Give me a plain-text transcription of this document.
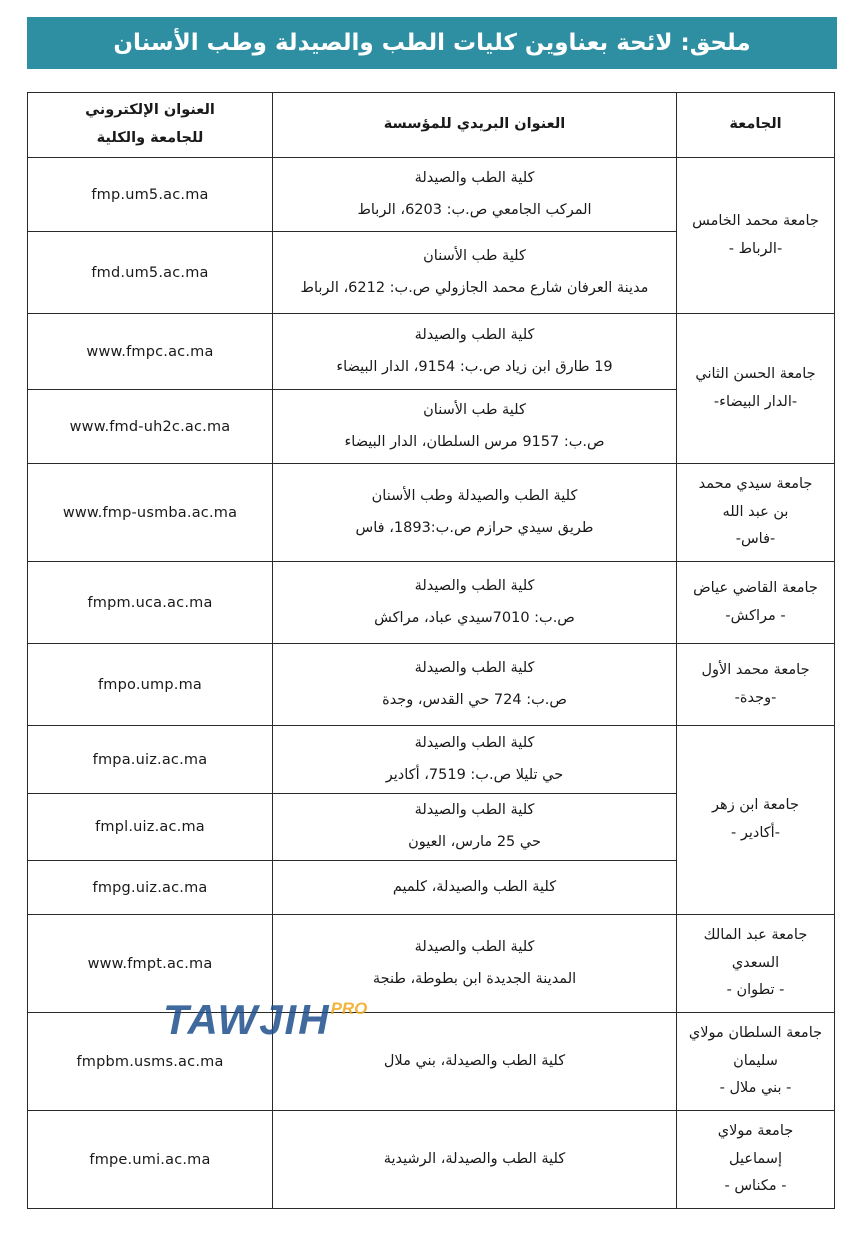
ملحق: لائحة بعناوين كليات الطب والصيدلة وطب الأسنان
الجامعة	العنوان البريدي للمؤسسة	العنوان الإلكتروني
للجامعة والكلية

جامعة محمد الخامس
-الرباط -	كلية الطب والصيدلة
المركب الجامعي ص.ب: 6203، الرباط	fmp.um5.ac.ma

	كلية طب الأسنان
مدينة العرفان شارع محمد الجازولي ص.ب: 6212، الرباط	fmd.um5.ac.ma

جامعة الحسن الثاني
-الدار البيضاء-	كلية الطب والصيدلة
19 طارق ابن زياد ص.ب: 9154، الدار البيضاء	www.fmpc.ac.ma

	كلية طب الأسنان
ص.ب: 9157 مرس السلطان، الدار البيضاء	www.fmd-uh2c.ac.ma

جامعة سيدي محمد
بن عبد الله
-فاس-	كلية الطب والصيدلة وطب الأسنان
طريق سيدي حرازم ص.ب:1893، فاس	www.fmp-usmba.ac.ma

جامعة القاضي عياض
- مراكش-	كلية الطب والصيدلة
ص.ب: 7010سيدي عباد، مراكش	fmpm.uca.ac.ma

جامعة محمد الأول
-وجدة-	كلية الطب والصيدلة
ص.ب: 724 حي القدس، وجدة	fmpo.ump.ma

جامعة ابن زهر
-أكادير -	كلية الطب والصيدلة
حي تليلا ص.ب: 7519، أكادير	fmpa.uiz.ac.ma

	كلية الطب والصيدلة
حي 25 مارس، العيون	fmpl.uiz.ac.ma

	كلية الطب والصيدلة، كلميم	fmpg.uiz.ac.ma

جامعة عبد المالك
السعدي
- تطوان -	كلية الطب والصيدلة
المدينة الجديدة ابن بطوطة، طنجة	www.fmpt.ac.ma

جامعة السلطان مولاي
سليمان
- بني ملال -	كلية الطب والصيدلة، بني ملال	fmpbm.usms.ac.ma

جامعة مولاي
إسماعيل
- مكناس -	كلية الطب والصيدلة، الرشيدية	fmpe.umi.ac.ma
TAWJIHPRO
